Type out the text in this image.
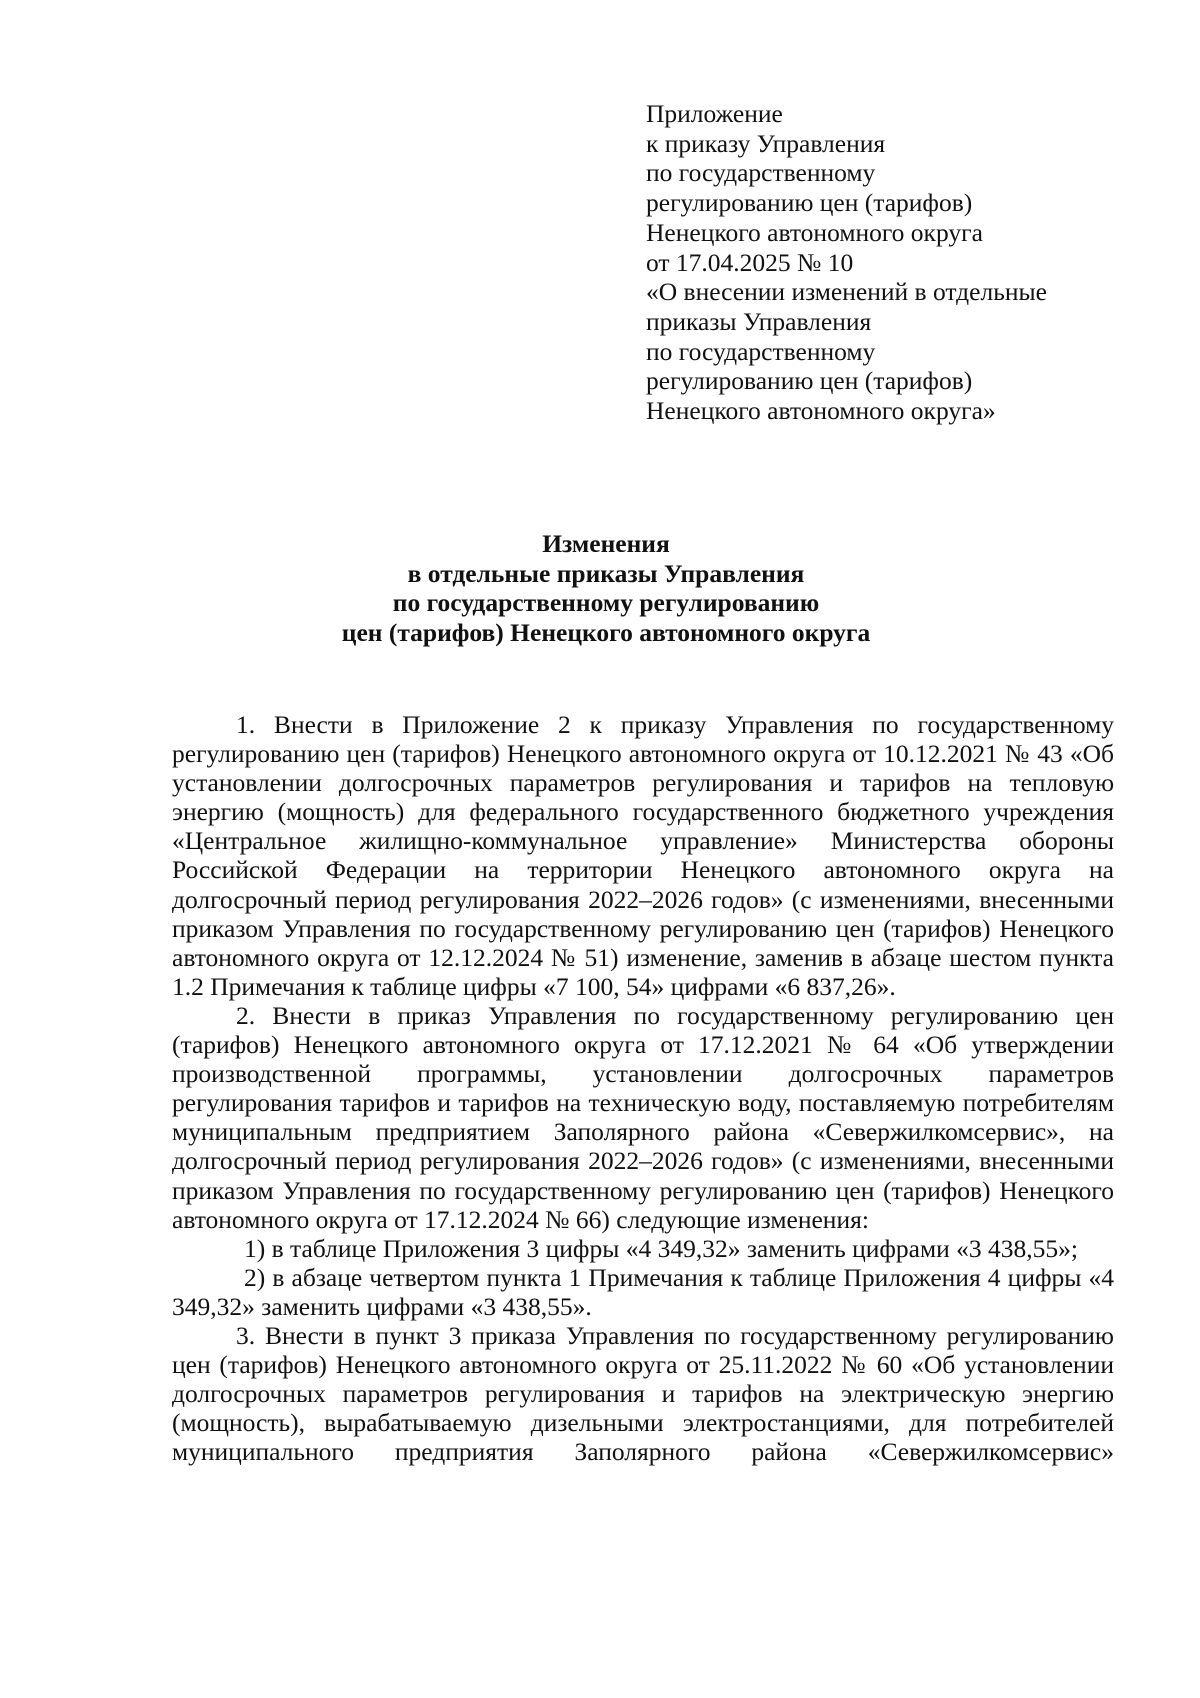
Приложение
к приказу Управления
по государственному
регулированию цен (тарифов)
Ненецкого автономного округа
от 17.04.2025 № 10
«О внесении изменений в отдельные
приказы Управления
по государственному
регулированию цен (тарифов)
Ненецкого автономного округа»
Изменения
в отдельные приказы Управления
по государственному регулированию
цен (тарифов) Ненецкого автономного округа

1. Внести в Приложение 2 к приказу Управления по государственному регулированию цен (тарифов) Ненецкого автономного округа от 10.12.2021 № 43 «Об установлении долгосрочных параметров регулирования и тарифов на тепловую энергию (мощность) для федерального государственного бюджетного учреждения «Центральное жилищно-коммунальное управление» Министерства обороны Российской Федерации на территории Ненецкого автономного округа на долгосрочный период регулирования 2022–2026 годов» (с изменениями, внесенными приказом Управления по государственному регулированию цен (тарифов) Ненецкого автономного округа от 12.12.2024 № 51) изменение, заменив в абзаце шестом пункта 1.2 Примечания к таблице цифры «7 100, 54» цифрами «6 837,26».

2. Внести в приказ Управления по государственному регулированию цен (тарифов) Ненецкого автономного округа от 17.12.2021 № 64 «Об утверждении производственной программы, установлении долгосрочных параметров регулирования тарифов и тарифов на техническую воду, поставляемую потребителям муниципальным предприятием Заполярного района «Севержилкомсервис», на долгосрочный период регулирования 2022–2026 годов» (с изменениями, внесенными приказом Управления по государственному регулированию цен (тарифов) Ненецкого автономного округа от 17.12.2024 № 66) следующие изменения:

1) в таблице Приложения 3 цифры «4 349,32» заменить цифрами «3 438,55»;

2) в абзаце четвертом пункта 1 Примечания к таблице Приложения 4 цифры «4 349,32» заменить цифрами «3 438,55».

3. Внести в пункт 3 приказа Управления по государственному регулированию цен (тарифов) Ненецкого автономного округа от 25.11.2022 № 60 «Об установлении долгосрочных параметров регулирования и тарифов на электрическую энергию (мощность), вырабатываемую дизельными электростанциями, для потребителей муниципального предприятия Заполярного района «Севержилкомсервис»
